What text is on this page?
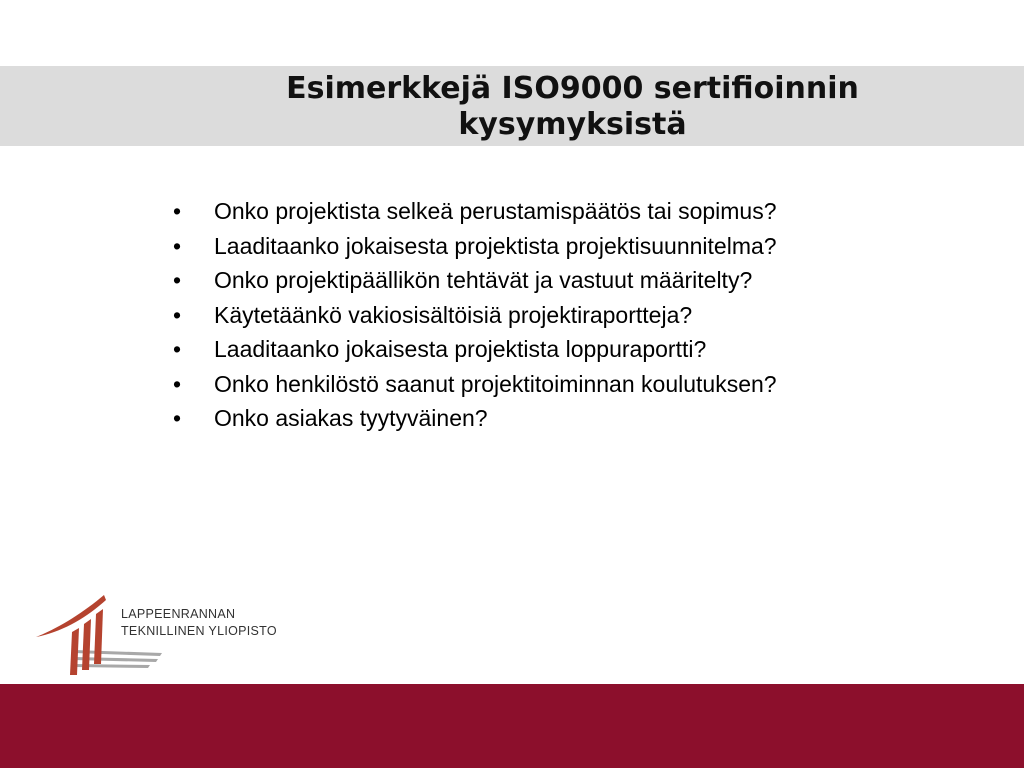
Esimerkkejä ISO9000 sertifioinnin
kysymyksistä
• Onko projektista selkeä perustamispäätös tai sopimus?
• Laaditaanko jokaisesta projektista projektisuunnitelma?
• Onko projektipäällikön tehtävät ja vastuut määritelty?
• Käytetäänkö vakiosisältöisiä projektiraportteja?
• Laaditaanko jokaisesta projektista loppuraportti?
• Onko henkilöstö saanut projektitoiminnan koulutuksen?
• Onko asiakas tyytyväinen?
LAPPEENRANNAN
TEKNILLINEN YLIOPISTO
